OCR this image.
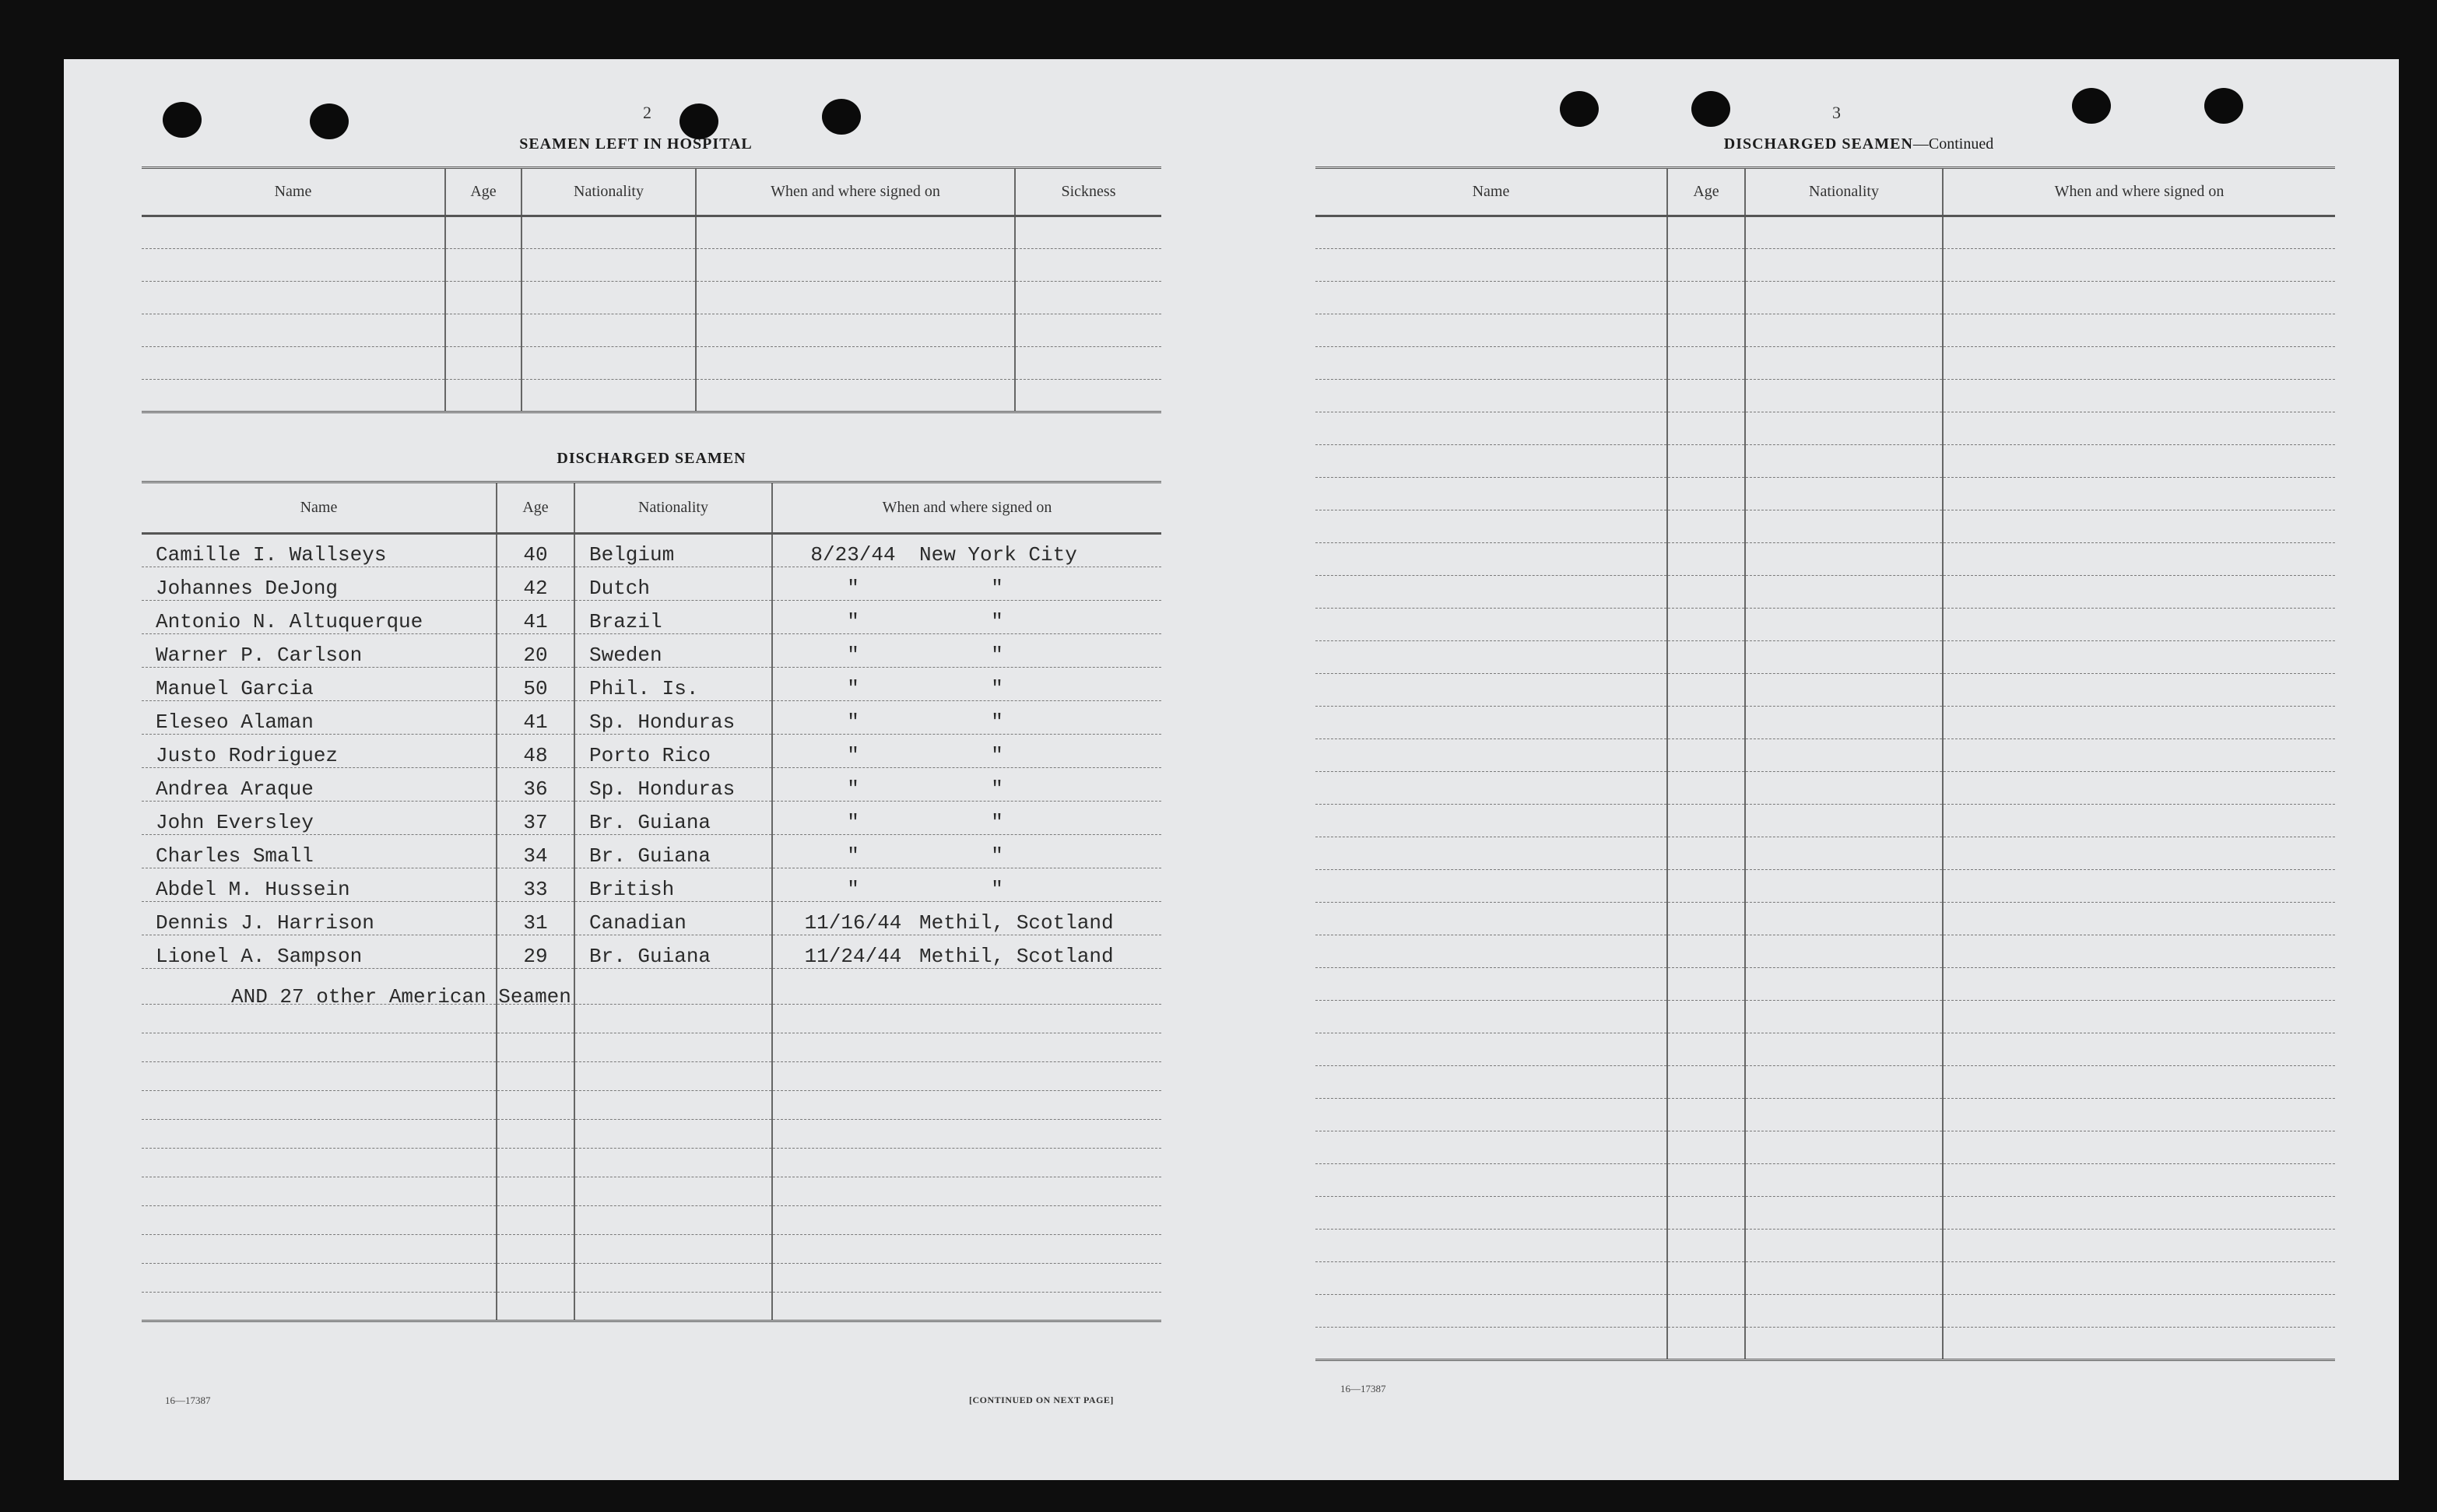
2
SEAMEN LEFT IN HOSPITAL
Name	Age	Nationality	When and where signed on	Sickness

DISCHARGED SEAMEN
Name	Age	Nationality	When and where signed on
Camille I. Wallseys	40	Belgium	8/23/44 New York City
Johannes DeJong	42	Dutch	" "
Antonio N. Altuquerque	41	Brazil	" "
Warner P. Carlson	20	Sweden	" "
Manuel Garcia	50	Phil. Is.	" "
Eleseo Alaman	41	Sp. Honduras	" "
Justo Rodriguez	48	Porto Rico	" "
Andrea Araque	36	Sp. Honduras	" "
John Eversley	37	Br. Guiana	" "
Charles Small	34	Br. Guiana	" "
Abdel M. Hussein	33	British	" "
Dennis J. Harrison	31	Canadian	11/16/44 Methil, Scotland
Lionel A. Sampson	29	Br. Guiana	11/24/44 Methil, Scotland

AND 27 other American Seamen
16—17387	[CONTINUED ON NEXT PAGE]
3
DISCHARGED SEAMEN—Continued
Name	Age	Nationality	When and where signed on

16—17387
